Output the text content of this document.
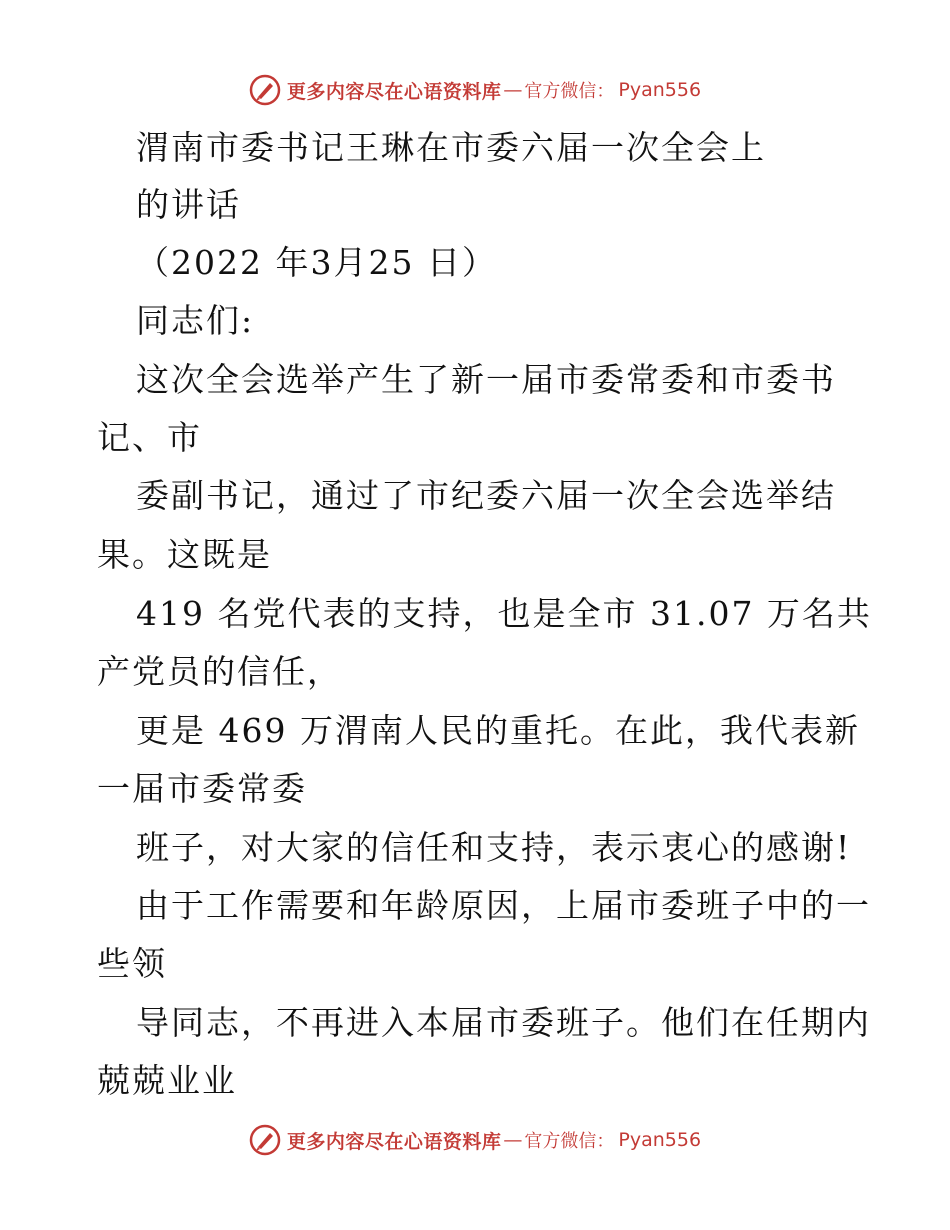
更多内容尽在心语资料库 — 官方微信： Pyan556
渭南市委书记王琳在市委六届一次全会上
的讲话
（2022 年3月25 日）
同志们:
这次全会选举产生了新一届市委常委和市委书
记、市
委副书记，通过了市纪委六届一次全会选举结
果。这既是
419 名党代表的支持，也是全市 31.07 万名共
产党员的信任，
更是 469 万渭南人民的重托。在此，我代表新
一届市委常委
班子，对大家的信任和支持，表示衷心的感谢!
由于工作需要和年龄原因，上届市委班子中的一
些领
导同志，不再进入本届市委班子。他们在任期内
兢兢业业
更多内容尽在心语资料库 — 官方微信： Pyan556
